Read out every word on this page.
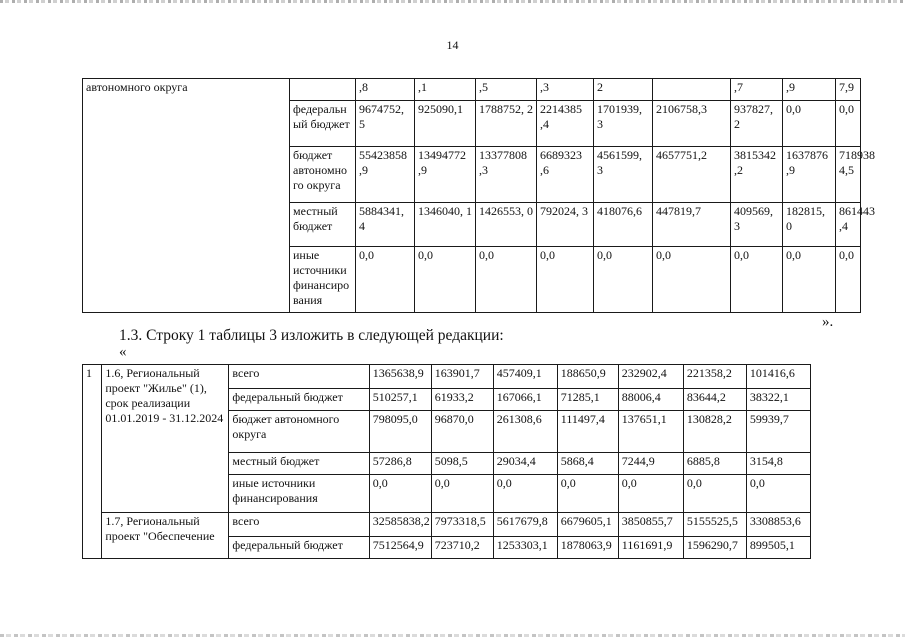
14
автономного округа		,8	,1	,5	,3	2		,7	,9	7,9	
	федеральн ый бюджет	9674752, 5	925090,1	1788752, 2	2214385 ,4	1701939, 3	2106758,3	937827, 2	0,0	0,0	
	бюджет автономно го округа	55423858 ,9	13494772 ,9	13377808 ,3	6689323 ,6	4561599, 3	4657751,2	3815342 ,2	1637876 ,9	718938 4,5	
	местный бюджет	5884341, 4	1346040, 1	1426553, 0	792024, 3	418076,6	447819,7	409569, 3	182815, 0	861443 ,4	
	иные источники финансиро вания	0,0	0,0	0,0	0,0	0,0	0,0	0,0	0,0	0,0	
».
1.3. Строку 1 таблицы 3 изложить в следующей редакции:
«
1	1.6, Региональный проект "Жилье" (1), срок реализации 01.01.2019 - 31.12.2024	всего	1365638,9	163901,7	457409,1	188650,9	232902,4	221358,2	101416,6
		федеральный бюджет	510257,1	61933,2	167066,1	71285,1	88006,4	83644,2	38322,1
		бюджет автономного округа	798095,0	96870,0	261308,6	111497,4	137651,1	130828,2	59939,7
		местный бюджет	57286,8	5098,5	29034,4	5868,4	7244,9	6885,8	3154,8
		иные источники финансирования	0,0	0,0	0,0	0,0	0,0	0,0	0,0
	1.7, Региональный проект "Обеспечение	всего	32585838,2	7973318,5	5617679,8	6679605,1	3850855,7	5155525,5	3308853,6
		федеральный бюджет	7512564,9	723710,2	1253303,1	1878063,9	1161691,9	1596290,7	899505,1
